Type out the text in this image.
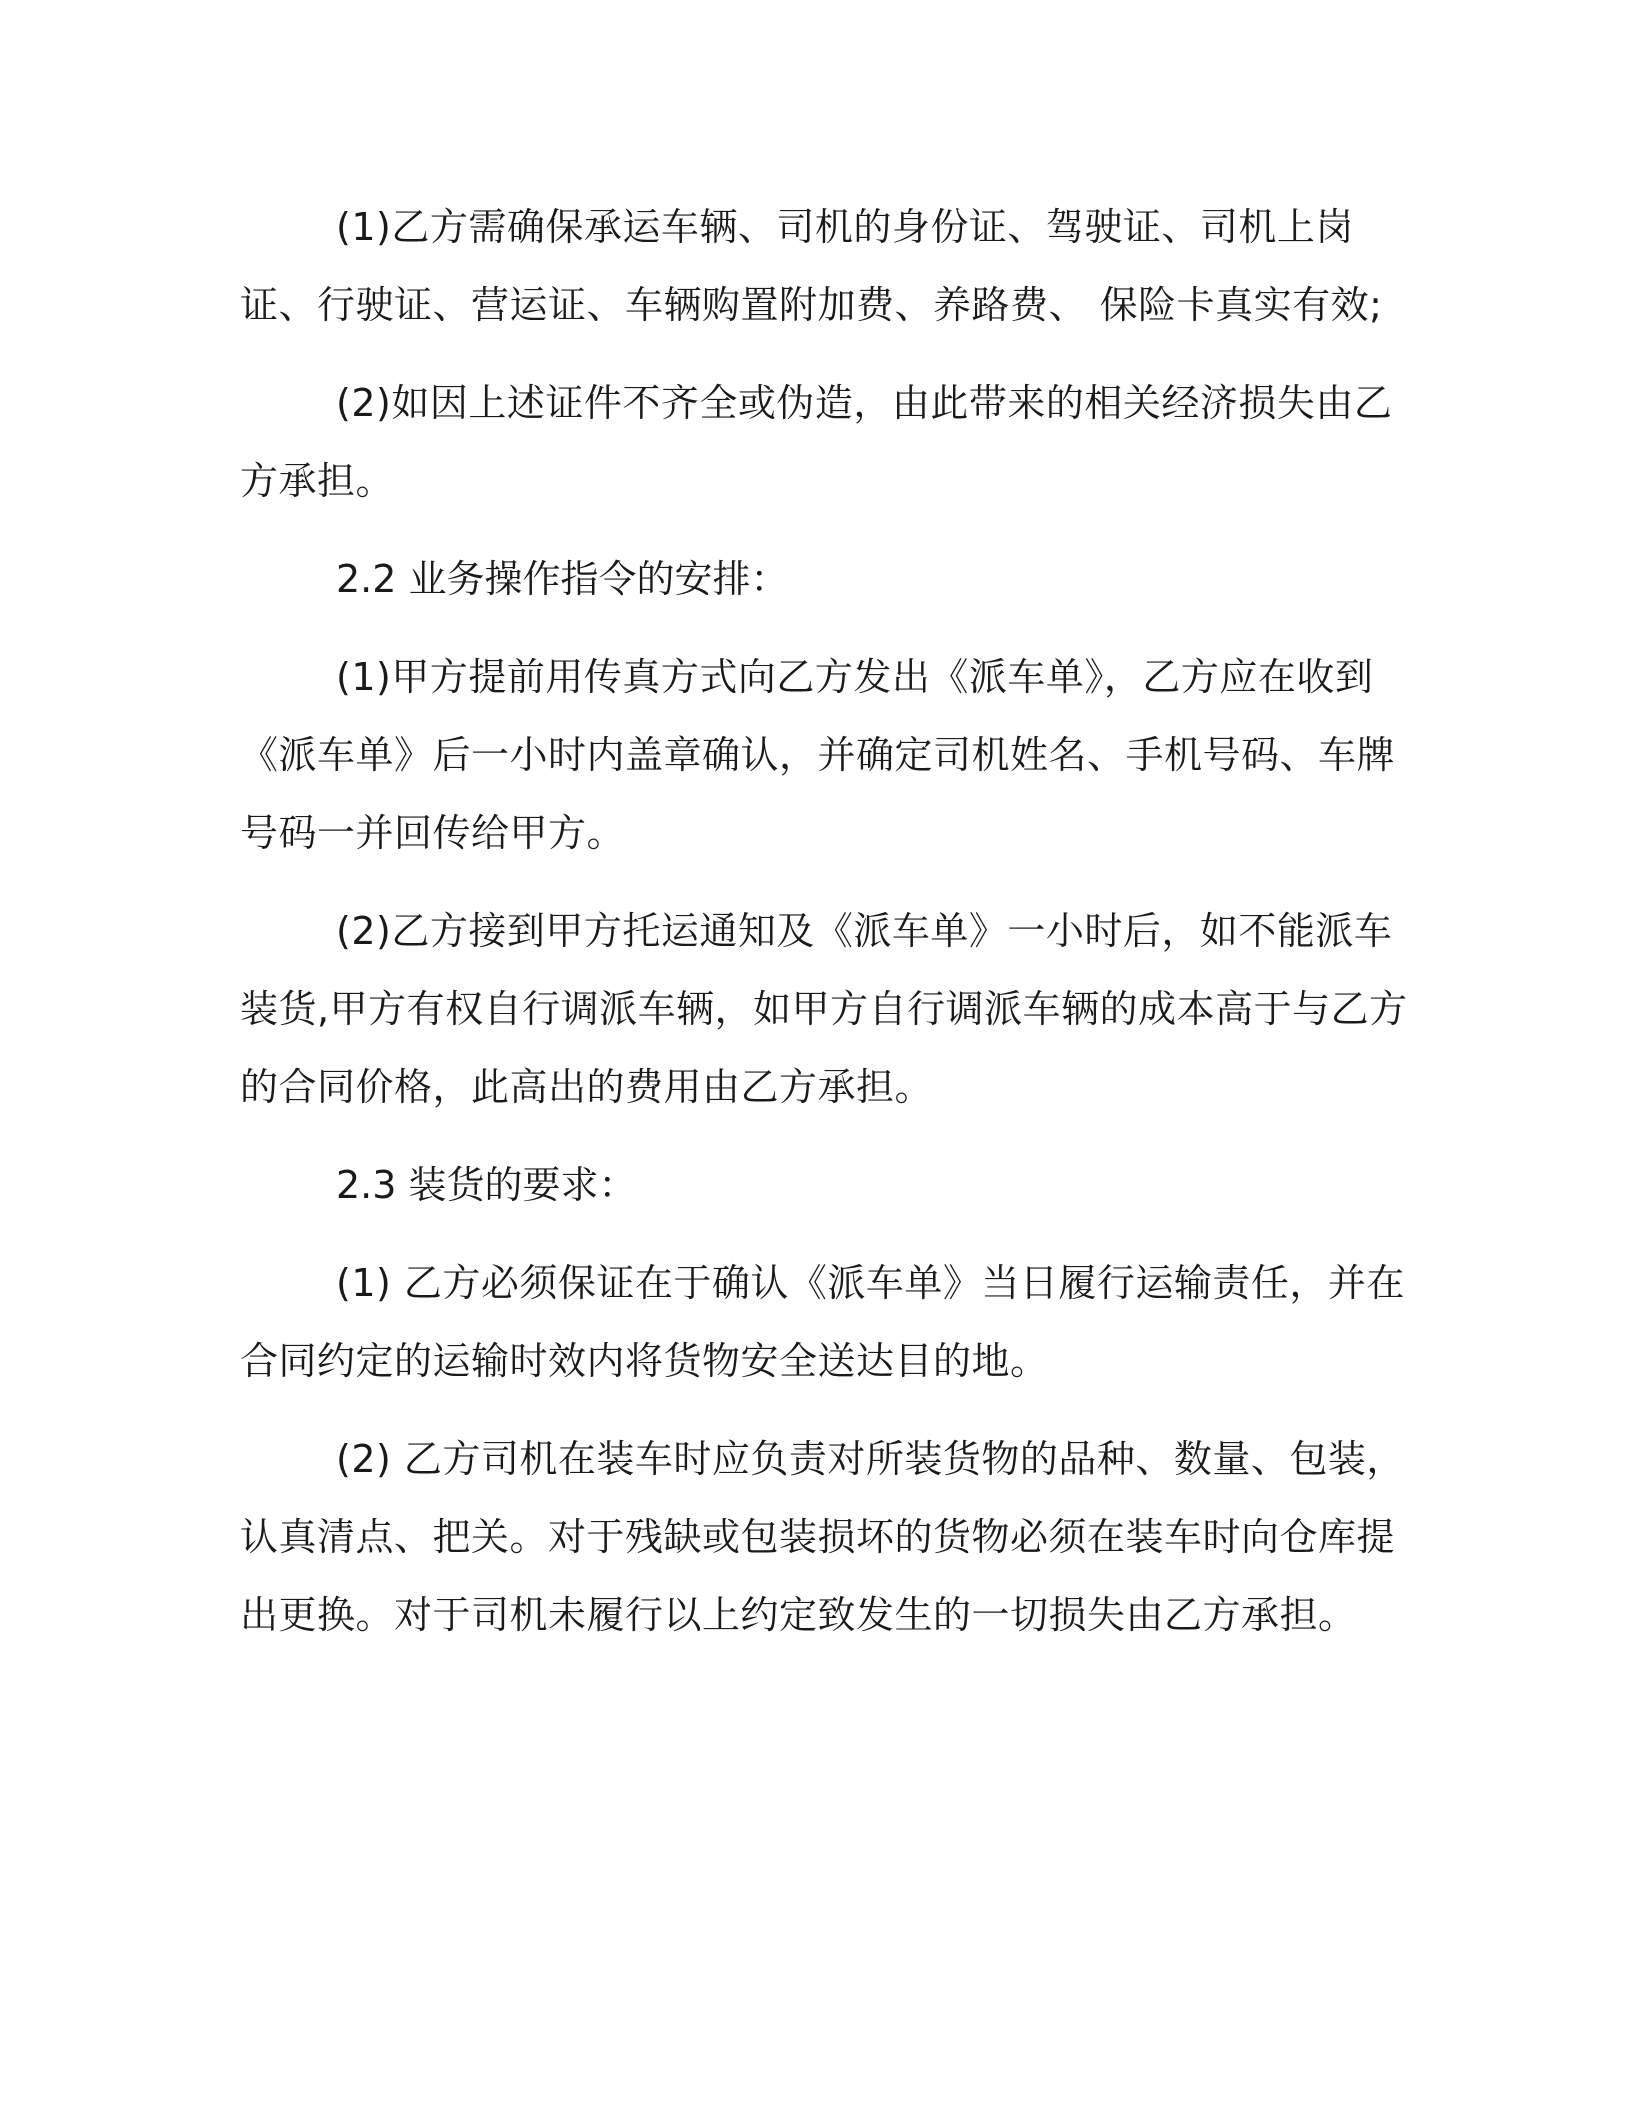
(1)乙方需确保承运车辆、司机的身份证、驾驶证、司机上岗证、行驶证、营运证、车辆购置附加费、养路费、 保险卡真实有效;

(2)如因上述证件不齐全或伪造，由此带来的相关经济损失由乙方承担。

2.2 业务操作指令的安排：

(1)甲方提前用传真方式向乙方发出《派车单》，乙方应在收到《派车单》后一小时内盖章确认，并确定司机姓名、手机号码、车牌号码一并回传给甲方。

(2)乙方接到甲方托运通知及《派车单》一小时后，如不能派车装货,甲方有权自行调派车辆，如甲方自行调派车辆的成本高于与乙方的合同价格，此高出的费用由乙方承担。

2.3 装货的要求：

(1) 乙方必须保证在于确认《派车单》当日履行运输责任，并在合同约定的运输时效内将货物安全送达目的地。

(2) 乙方司机在装车时应负责对所装货物的品种、数量、包装，认真清点、把关。对于残缺或包装损坏的货物必须在装车时向仓库提出更换。对于司机未履行以上约定致发生的一切损失由乙方承担。
